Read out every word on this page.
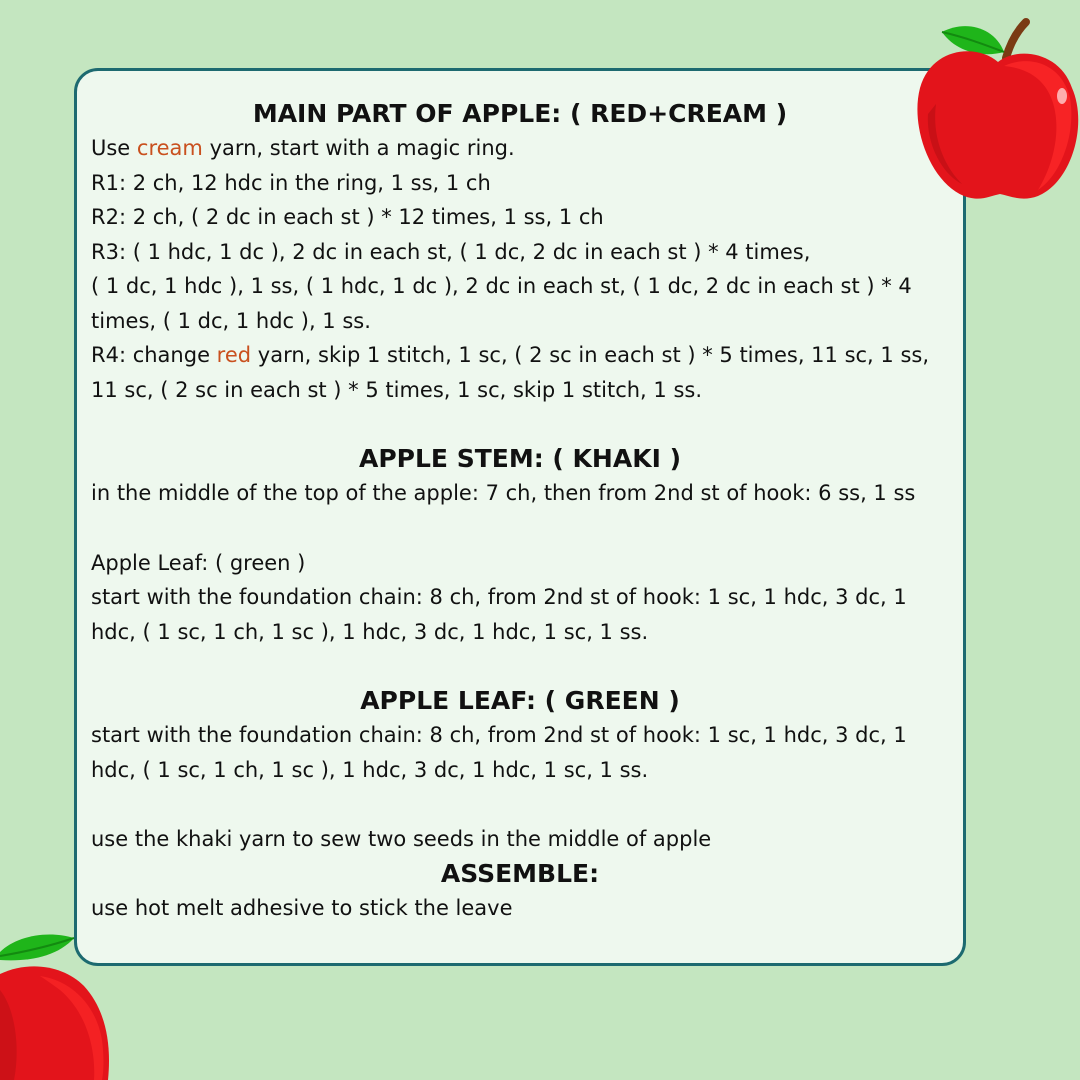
MAIN PART OF APPLE: ( RED+CREAM )

Use cream yarn, start with a magic ring.

R1: 2 ch, 12 hdc in the ring, 1 ss, 1 ch

R2: 2 ch, ( 2 dc in each st ) * 12 times, 1 ss, 1 ch

R3: ( 1 hdc, 1 dc ), 2 dc in each st, ( 1 dc, 2 dc in each st ) * 4 times,

( 1 dc, 1 hdc ), 1 ss, ( 1 hdc, 1 dc ), 2 dc in each st, ( 1 dc, 2 dc in each st ) * 4

times, ( 1 dc, 1 hdc ), 1 ss.

R4: change red yarn, skip 1 stitch, 1 sc, ( 2 sc in each st ) * 5 times, 11 sc, 1 ss,

11 sc, ( 2 sc in each st ) * 5 times, 1 sc, skip 1 stitch, 1 ss.

APPLE STEM: ( KHAKI )

in the middle of the top of the apple: 7 ch, then from 2nd st of hook: 6 ss, 1 ss

Apple Leaf: ( green )

start with the foundation chain: 8 ch, from 2nd st of hook: 1 sc, 1 hdc, 3 dc, 1

hdc, ( 1 sc, 1 ch, 1 sc ), 1 hdc, 3 dc, 1 hdc, 1 sc, 1 ss.

APPLE LEAF: ( GREEN )

start with the foundation chain: 8 ch, from 2nd st of hook: 1 sc, 1 hdc, 3 dc, 1

hdc, ( 1 sc, 1 ch, 1 sc ), 1 hdc, 3 dc, 1 hdc, 1 sc, 1 ss.

use the khaki yarn to sew two seeds in the middle of apple

ASSEMBLE:

use hot melt adhesive to stick the leave
